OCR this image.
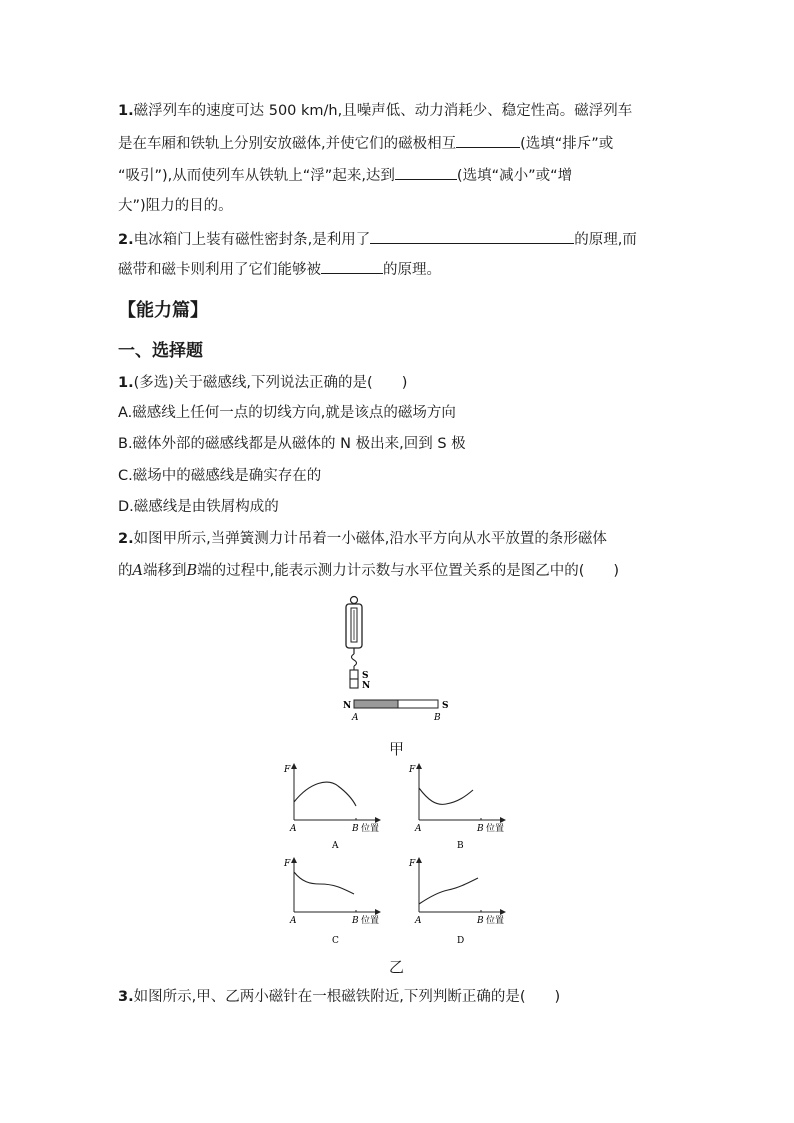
1.磁浮列车的速度可达 500 km/h,且噪声低、动力消耗少、稳定性高。磁浮列车
是在车厢和铁轨上分别安放磁体,并使它们的磁极相互	(选填“排斥”或
“吸引”),从而使列车从铁轨上“浮”起来,达到	(选填“减小”或“增
大”)阻力的目的。
2.电冰箱门上装有磁性密封条,是利用了	的原理,而
磁带和磁卡则利用了它们能够被	的原理。
【能力篇】
一、选择题
1.(多选)关于磁感线,下列说法正确的是(　　)
A.磁感线上任何一点的切线方向,就是该点的磁场方向
B.磁体外部的磁感线都是从磁体的 N 极出来,回到 S 极
C.磁场中的磁感线是确实存在的
D.磁感线是由铁屑构成的
2.如图甲所示,当弹簧测力计吊着一小磁体,沿水平方向从水平放置的条形磁体
的A端移到B端的过程中,能表示测力计示数与水平位置关系的是图乙中的(　　)
S
N
N	S
A	B
甲
F
A	B 位置
A
F
A	B 位置
B
F
A	B 位置
C
F
A	B 位置
D
乙
3.如图所示,甲、乙两小磁针在一根磁铁附近,下列判断正确的是(　　)
